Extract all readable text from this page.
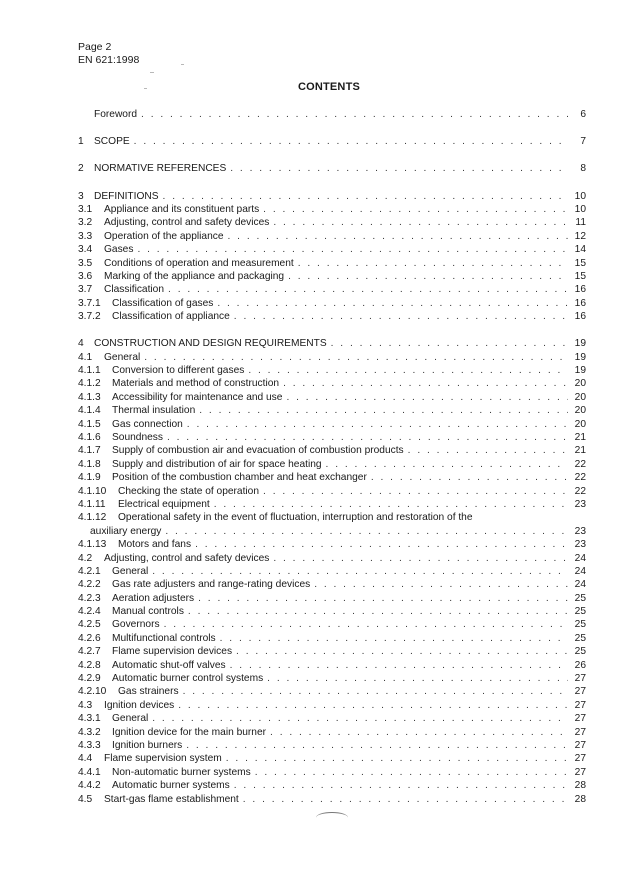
Page 2
EN 621:1998
CONTENTS
Foreword . . .	6
1	SCOPE . . .	7
2	NORMATIVE REFERENCES . . .	8
3	DEFINITIONS . . .	10
3.1	Appliance and its constituent parts . . .	10
3.2	Adjusting, control and safety devices . . .	11
3.3	Operation of the appliance . . .	12
3.4	Gases . . .	14
3.5	Conditions of operation and measurement . . .	15
3.6	Marking of the appliance and packaging . . .	15
3.7	Classification . . .	16
3.7.1	Classification of gases . . .	16
3.7.2	Classification of appliance . . .	16
4	CONSTRUCTION AND DESIGN REQUIREMENTS . . .	19
4.1	General . . .	19
4.1.1	Conversion to different gases . . .	19
4.1.2	Materials and method of construction . . .	20
4.1.3	Accessibility for maintenance and use . . .	20
4.1.4	Thermal insulation . . .	20
4.1.5	Gas connection . . .	20
4.1.6	Soundness . . .	21
4.1.7	Supply of combustion air and evacuation of combustion products . . .	21
4.1.8	Supply and distribution of air for space heating . . .	22
4.1.9	Position of the combustion chamber and heat exchanger . . .	22
4.1.10	Checking the state of operation . . .	22
4.1.11	Electrical equipment . . .	23
4.1.12	Operational safety in the event of fluctuation, interruption and restoration of the
auxiliary energy . . .	23
4.1.13	Motors and fans . . .	23
4.2	Adjusting, control and safety devices . . .	24
4.2.1	General . . .	24
4.2.2	Gas rate adjusters and range-rating devices . . .	24
4.2.3	Aeration adjusters . . .	25
4.2.4	Manual controls . . .	25
4.2.5	Governors . . .	25
4.2.6	Multifunctional controls . . .	25
4.2.7	Flame supervision devices . . .	25
4.2.8	Automatic shut-off valves . . .	26
4.2.9	Automatic burner control systems . . .	27
4.2.10	Gas strainers . . .	27
4.3	Ignition devices . . .	27
4.3.1	General . . .	27
4.3.2	Ignition device for the main burner . . .	27
4.3.3	Ignition burners . . .	27
4.4	Flame supervision system . . .	27
4.4.1	Non-automatic burner systems . . .	27
4.4.2	Automatic burner systems . . .	28
4.5	Start-gas flame establishment . . .	28
